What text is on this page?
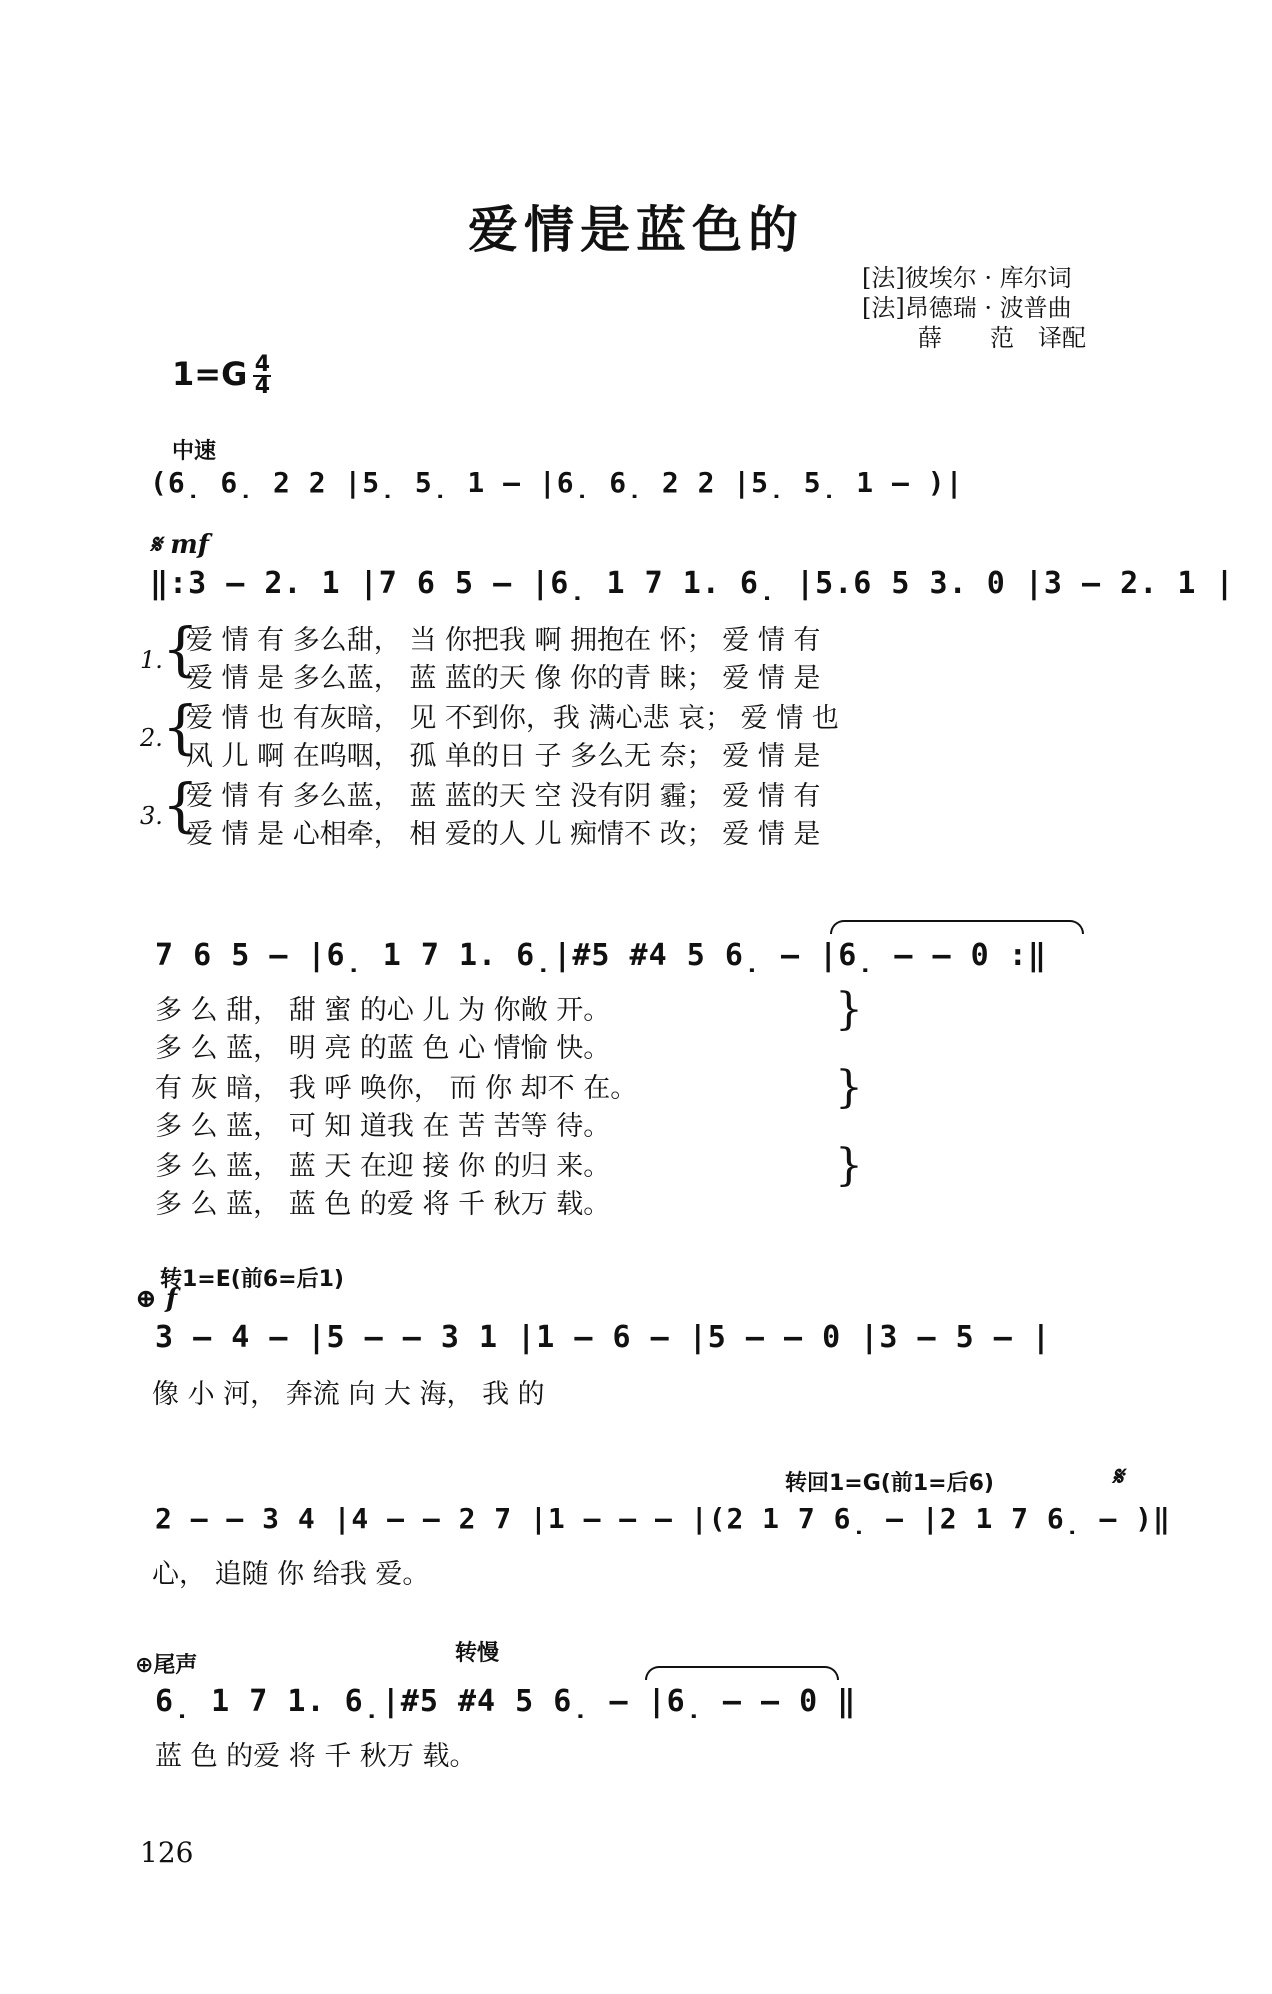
爱情是蓝色的
[法]彼埃尔 · 库尔词
[法]昂德瑞 · 波普曲
薛　　范　译配
$1=G \frac{4}{4}$
中速
(6̣ 6̣ 2 2 |5̣ 5̣ 1 – |6̣ 6̣ 2 2 |5̣ 5̣ 1 – )|
𝄋 mf
‖:3 – 2. 1 |7 6 5 – |6̣ 1 7 1. 6̣ |5.6 5 3. 0 |3 – 2. 1 |
1. {
爱 情 有 多么甜， 当 你把我 啊 拥抱在 怀； 爱 情 有
爱 情 是 多么蓝， 蓝 蓝的天 像 你的青 睐； 爱 情 是
2. {
爱 情 也 有灰暗， 见 不到你，我 满心悲 哀； 爱 情 也
风 儿 啊 在呜咽， 孤 单的日 子 多么无 奈； 爱 情 是
3. {
爱 情 有 多么蓝， 蓝 蓝的天 空 没有阴 霾； 爱 情 有
爱 情 是 心相牵， 相 爱的人 儿 痴情不 改； 爱 情 是
7 6 5 – |6̣ 1 7 1. 6̣|#5 #4 5 6̣ – |6̣ – – 0 :‖
多 么 甜， 甜 蜜 的心 儿 为 你敞 开。
多 么 蓝， 明 亮 的蓝 色 心 情愉 快。
有 灰 暗， 我 呼 唤你， 而 你 却不 在。
多 么 蓝， 可 知 道我 在 苦 苦等 待。
多 么 蓝， 蓝 天 在迎 接 你 的归 来。
多 么 蓝， 蓝 色 的爱 将 千 秋万 载。
}
}
}
转1=E(前6=后1)
⊕ f
3 – 4 – |5 – – 3 1 |1 – 6 – |5 – – 0 |3 – 5 – |
像 小 河， 奔流 向 大 海， 我 的
转回1=G(前1=后6)	𝄋
2 – – 3 4 |4 – – 2 7 |1 – – – |(2 1 7 6̣ – |2 1 7 6̣ – )‖
心， 追随 你 给我 爱。
⊕尾声	转慢
6̣ 1 7 1. 6̣|#5 #4 5 6̣ – |6̣ – – 0 ‖
蓝 色 的爱 将 千 秋万 载。
126
